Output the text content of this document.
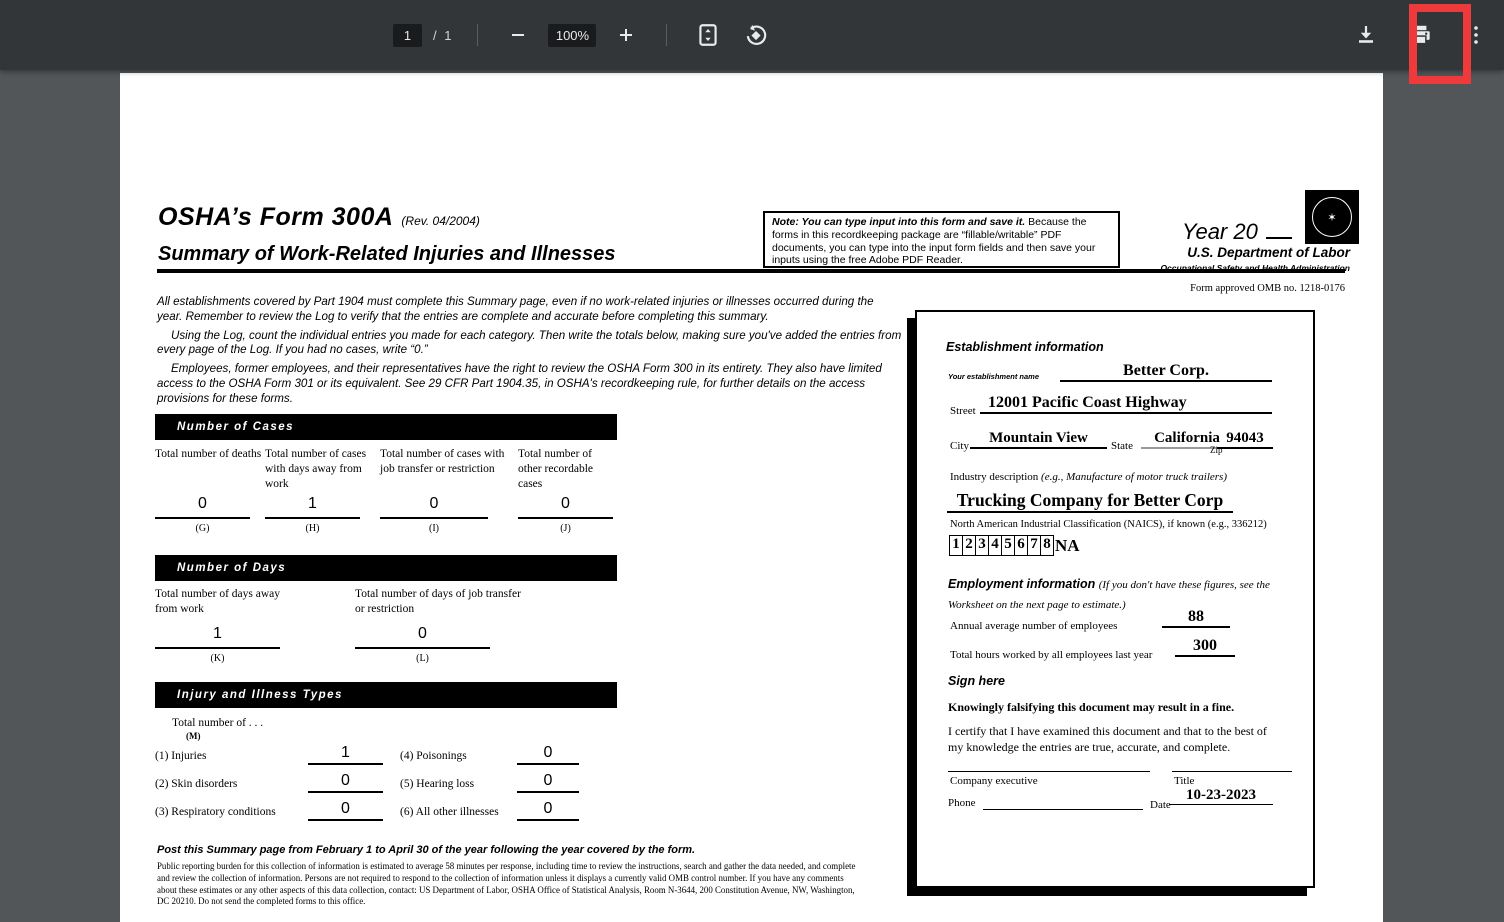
1	/ 1	100%
OSHA’s Form 300A (Rev. 04/2004)
Summary of Work-Related Injuries and Illnesses
Note: You can type input into this form and save it. Because the forms in this recordkeeping package are “fillable/writable” PDF documents, you can type into the input form fields and then save your inputs using the free Adobe PDF Reader.
Year 20
✶
U.S. Department of Labor
Occupational Safety and Health Administration
Form approved OMB no. 1218-0176

All establishments covered by Part 1904 must complete this Summary page, even if no work-related injuries or illnesses occurred during the year. Remember to review the Log to verify that the entries are complete and accurate before completing this summary.

Using the Log, count the individual entries you made for each category. Then write the totals below, making sure you've added the entries from every page of the Log. If you had no cases, write “0.”

Employees, former employees, and their representatives have the right to review the OSHA Form 300 in its entirety. They also have limited access to the OSHA Form 301 or its equivalent. See 29 CFR Part 1904.35, in OSHA's recordkeeping rule, for further details on the access provisions for these forms.

Number of Cases
Total number of deaths
0
(G)
Total number of cases with days away from work
1
(H)
Total number of cases with job transfer or restriction
0
(I)
Total number of other recordable cases
0
(J)
Number of Days
Total number of days away from work
1
(K)
Total number of days of job transfer or restriction
0
(L)
Injury and Illness Types
Total number of . . .
(M)
(1) Injuries	1	(4) Poisonings	0
(2) Skin disorders	0	(5) Hearing loss	0
(3) Respiratory conditions	0	(6) All other illnesses	0
Post this Summary page from February 1 to April 30 of the year following the year covered by the form.
Public reporting burden for this collection of information is estimated to average 58 minutes per response, including time to review the instructions, search and gather the data needed, and complete and review the collection of information. Persons are not required to respond to the collection of information unless it displays a currently valid OMB control number. If you have any comments about these estimates or any other aspects of this data collection, contact: US Department of Labor, OSHA Office of Statistical Analysis, Room N-3644, 200 Constitution Avenue, NW, Washington, DC 20210. Do not send the completed forms to this office.
Establishment information
Your establishment name	Better Corp.
Street 12001 Pacific Coast Highway
City	Mountain View	State	California
Zip
94043
Industry description (e.g., Manufacture of motor truck trailers)
Trucking Company for Better Corp
North American Industrial Classification (NAICS), if known (e.g., 336212)
1 2 3 4 5 6 7 8 NA
Employment information (If you don't have these figures, see the Worksheet on the next page to estimate.)
Annual average number of employees
88
Total hours worked by all employees last year
300
Sign here
Knowingly falsifying this document may result in a fine.
I certify that I have examined this document and that to the best of my knowledge the entries are true, accurate, and complete.
Company executive	Title
Phone	Date
10-23-2023
